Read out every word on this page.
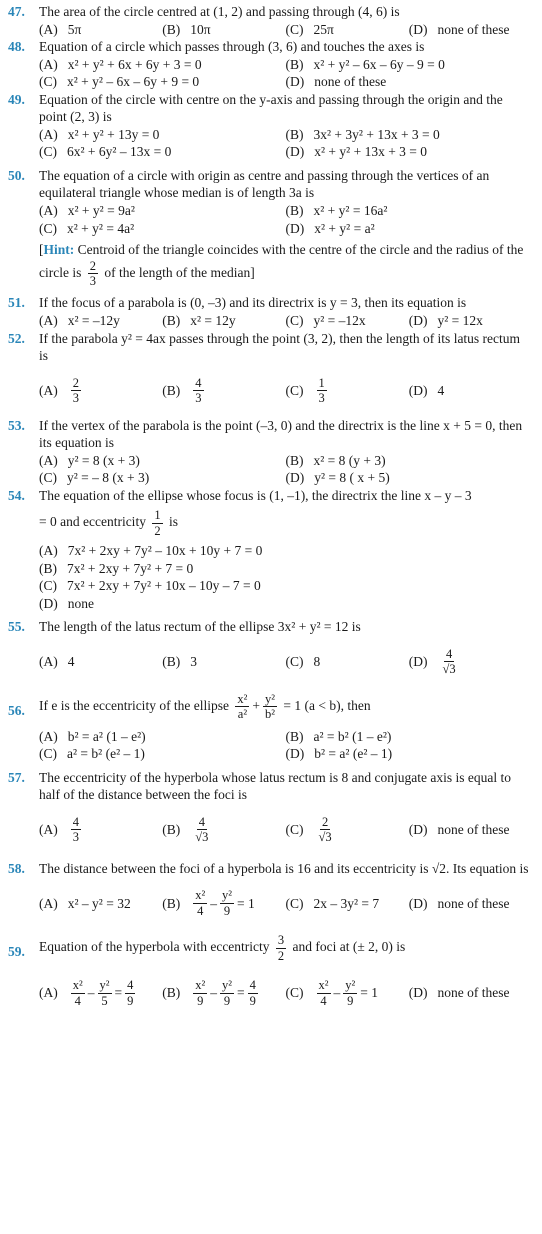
47.	The area of the circle centred at (1, 2) and passing through (4, 6) is
(A) 5π	(B) 10π	(C) 25π	(D) none of these
48.	Equation of a circle which passes through (3, 6) and touches the axes is
(A) x² + y² + 6x + 6y + 3 = 0	(B) x² + y² – 6x – 6y – 9 = 0
(C) x² + y² – 6x – 6y + 9 = 0	(D) none of these
49.	Equation of the circle with centre on the y-axis and passing through the origin and the point (2, 3) is
(A) x² + y² + 13y = 0	(B) 3x² + 3y² + 13x + 3 = 0
(C) 6x² + 6y² – 13x = 0	(D) x² + y² + 13x + 3 = 0
50.	The equation of a circle with origin as centre and passing through the vertices of an equilateral triangle whose median is of length 3a is
(A) x² + y² = 9a²	(B) x² + y² = 16a²
(C) x² + y² = 4a²	(D) x² + y² = a²
[Hint: Centroid of the triangle coincides with the centre of the circle and the radius of the circle is $\frac{2}{3}$ of the length of the median]
51.	If the focus of a parabola is (0, –3) and its directrix is y = 3, then its equation is
(A) x² = –12y	(B) x² = 12y	(C) y² = –12x	(D) y² = 12x
52.	If the parabola y² = 4ax passes through the point (3, 2), then the length of its latus rectum is
$(A) \frac{2}{3}$	$(B) \frac{4}{3}$	$(C) \frac{1}{3}$	(D) 4
53.	If the vertex of the parabola is the point (–3, 0) and the directrix is the line x + 5 = 0, then its equation is
(A) y² = 8 (x + 3)	(B) x² = 8 (y + 3)
(C) y² = – 8 (x + 3)	(D) y² = 8 ( x + 5)
54.	The equation of the ellipse whose focus is (1, –1), the directrix the line x – y – 3
= 0 and eccentricity $\frac{1}{2}$ is
(A) 7x² + 2xy + 7y² – 10x + 10y + 7 = 0
(B) 7x² + 2xy + 7y² + 7 = 0
(C) 7x² + 2xy + 7y² + 10x – 10y – 7 = 0
(D) none
55.	The length of the latus rectum of the ellipse 3x² + y² = 12 is
(A) 4	(B) 3	(C) 8	$(D) \frac{4}{√3}$
56.	If e is the eccentricity of the ellipse $\frac{\text{x²}}{\text{a²}} + \frac{\text{y²}}{\text{b²}} = 1$ (a < b), then
(A) b² = a² (1 – e²)	(B) a² = b² (1 – e²)
(C) a² = b² (e² – 1)	(D) b² = a² (e² – 1)
57.	The eccentricity of the hyperbola whose latus rectum is 8 and conjugate axis is equal to half of the distance between the foci is
$(A) \frac{4}{3}$	$(B) \frac{4}{√3}$	$(C) \frac{2}{√3}$	(D) none of these
58.	The distance between the foci of a hyperbola is 16 and its eccentricity is √2. Its equation is
(A) x² – y² = 32 $(B) \frac{\text{x²}}{4} - \frac{\text{y²}}{9} = 1$ (C) 2x – 3y² = 7 (D) none of these
59.	Equation of the hyperbola with eccentricty $\frac{3}{2}$ and foci at (± 2, 0) is
$(A) \frac{\text{x²}}{4} - \frac{\text{y²}}{5} = \frac{4}{9} (B) \frac{\text{x²}}{9} - \frac{\text{y²}}{9} = \frac{4}{9} (C) \frac{\text{x²}}{4} - \frac{\text{y²}}{9} = 1$ (D) none of these
